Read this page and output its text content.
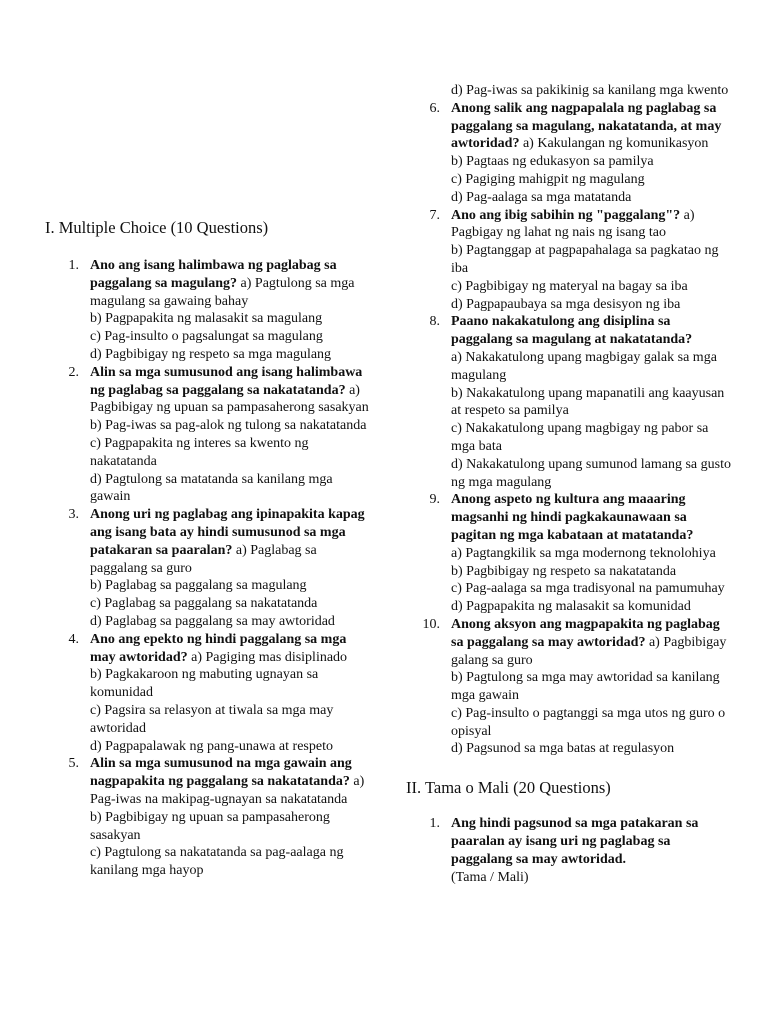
I. Multiple Choice (10 Questions)
1. Ano ang isang halimbawa ng paglabag sa paggalang sa magulang? a) Pagtulong sa mga magulang sa gawaing bahay
b) Pagpapakita ng malasakit sa magulang
c) Pag-insulto o pagsalungat sa magulang
d) Pagbibigay ng respeto sa mga magulang
2. Alin sa mga sumusunod ang isang halimbawa ng paglabag sa paggalang sa nakatatanda? a) Pagbibigay ng upuan sa pampasaherong sasakyan
b) Pag-iwas sa pag-alok ng tulong sa nakatatanda
c) Pagpapakita ng interes sa kwento ng nakatatanda
d) Pagtulong sa matatanda sa kanilang mga gawain
3. Anong uri ng paglabag ang ipinapakita kapag ang isang bata ay hindi sumusunod sa mga patakaran sa paaralan? a) Paglabag sa paggalang sa guro
b) Paglabag sa paggalang sa magulang
c) Paglabag sa paggalang sa nakatatanda
d) Paglabag sa paggalang sa may awtoridad
4. Ano ang epekto ng hindi paggalang sa mga may awtoridad? a) Pagiging mas disiplinado
b) Pagkakaroon ng mabuting ugnayan sa komunidad
c) Pagsira sa relasyon at tiwala sa mga may awtoridad
d) Pagpapalawak ng pang-unawa at respeto
5. Alin sa mga sumusunod na mga gawain ang nagpapakita ng paggalang sa nakatatanda? a) Pag-iwas na makipag-ugnayan sa nakatatanda
b) Pagbibigay ng upuan sa pampasaherong sasakyan
c) Pagtulong sa nakatatanda sa pag-aalaga ng kanilang mga hayop
d) Pag-iwas sa pakikinig sa kanilang mga kwento
6. Anong salik ang nagpapalala ng paglabag sa paggalang sa magulang, nakatatanda, at may awtoridad? a) Kakulangan ng komunikasyon
b) Pagtaas ng edukasyon sa pamilya
c) Pagiging mahigpit ng magulang
d) Pag-aalaga sa mga matatanda
7. Ano ang ibig sabihin ng "paggalang"? a) Pagbigay ng lahat ng nais ng isang tao
b) Pagtanggap at pagpapahalaga sa pagkatao ng iba
c) Pagbibigay ng materyal na bagay sa iba
d) Pagpapaubaya sa mga desisyon ng iba
8. Paano nakakatulong ang disiplina sa paggalang sa magulang at nakatatanda?
a) Nakakatulong upang magbigay galak sa mga magulang
b) Nakakatulong upang mapanatili ang kaayusan at respeto sa pamilya
c) Nakakatulong upang magbigay ng pabor sa mga bata
d) Nakakatulong upang sumunod lamang sa gusto ng mga magulang
9. Anong aspeto ng kultura ang maaaring magsanhi ng hindi pagkakaunawaan sa pagitan ng mga kabataan at matatanda?
a) Pagtangkilik sa mga modernong teknolohiya
b) Pagbibigay ng respeto sa nakatatanda
c) Pag-aalaga sa mga tradisyonal na pamumuhay
d) Pagpapakita ng malasakit sa komunidad
10. Anong aksyon ang magpapakita ng paglabag sa paggalang sa may awtoridad? a) Pagbibigay galang sa guro
b) Pagtulong sa mga may awtoridad sa kanilang mga gawain
c) Pag-insulto o pagtanggi sa mga utos ng guro o opisyal
d) Pagsunod sa mga batas at regulasyon
II. Tama o Mali (20 Questions)
1. Ang hindi pagsunod sa mga patakaran sa paaralan ay isang uri ng paglabag sa paggalang sa may awtoridad.
(Tama / Mali)
